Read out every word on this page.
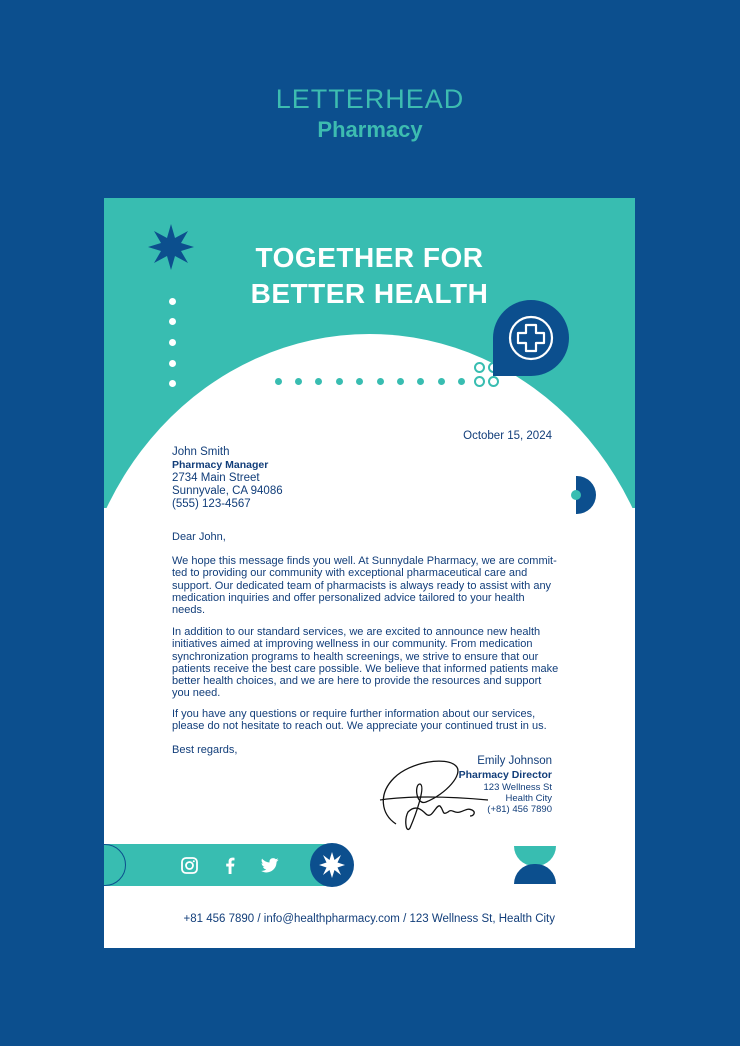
LETTERHEAD
Pharmacy
TOGETHER FOR
BETTER HEALTH
October 15, 2024
John Smith
Pharmacy Manager
2734 Main Street
Sunnyvale, CA 94086
(555) 123-4567
Dear John,
We hope this message finds you well. At Sunnydale Pharmacy, we are commit-ted to providing our community with exceptional pharmaceutical care and support. Our dedicated team of pharmacists is always ready to assist with any medication inquiries and offer personalized advice tailored to your health needs.
In addition to our standard services, we are excited to announce new health initiatives aimed at improving wellness in our community. From medication synchronization programs to health screenings, we strive to ensure that our patients receive the best care possible. We believe that informed patients make better health choices, and we are here to provide the resources and support you need.
If you have any questions or require further information about our services, please do not hesitate to reach out. We appreciate your continued trust in us.
Best regards,
Emily Johnson
Pharmacy Director
123 Wellness St
Health City
(+81) 456 7890
+81 456 7890 / info@healthpharmacy.com / 123 Wellness St, Health City
